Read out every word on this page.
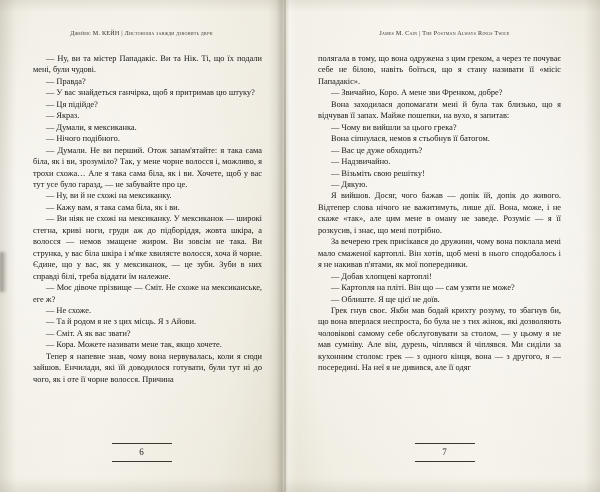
Джеймс М. КЕЙН | Листоноша завжди дзвонить двічі

— Ну, ви та містер Пападакіс. Ви та Нік. Ті, що їх подали мені, були чудові.

— Правда?

— У вас знайдеться ганчірка, щоб я притримав цю штуку?

— Ця підійде?

— Якраз.

— Думали, я мексиканка.

— Нічого подібного.

— Думали. Не ви перший. Отож запам'ятайте: я така сама біла, як і ви, зрозуміло? Так, у мене чорне волосся і, можливо, я трохи схожа… Але я така сама біла, як і ви. Хочете, щоб у вас тут усе було гаразд, — не забувайте про це.

— Ну, ви й не схожі на мексиканку.

— Кажу вам, я така сама біла, як і ви.

— Ви ніяк не схожі на мексиканку. У мексиканок — широкі стегна, криві ноги, груди аж до підборіддя, жовта шкіра, а волосся — немов змащене жиром. Ви зовсім не така. Ви струнка, у вас біла шкіра і м'яке хвилясте волосся, хоча й чорне. Єдине, що у вас, як у мексиканок, — це зуби. Зуби в них справді білі, треба віддати їм належне.

— Моє дівоче прізвище — Сміт. Не схоже на мексиканське, еге ж?

— Не схоже.

— Та й родом я не з цих місць. Я з Айови.

— Сміт. А як вас звати?

— Кора. Можете називати мене так, якщо хочете.

Тепер я напевне знав, чому вона нервувалась, коли я сюди зайшов. Енчилади, які їй доводилося готувати, були тут ні до чого, як і оте її чорне волосся. Причина

6
James M. Cain | The Postman Always Rings Twice

полягала в тому, що вона одружена з цим греком, а через те почуває себе не білою, навіть боїться, що я стану називати її «місіс Пападакіс».

— Звичайно, Коро. А мене зви Френком, добре?

Вона заходилася допомагати мені й була так близько, що я відчував її запах. Майже пошепки, на вухо, я запитав:

— Чому ви вийшли за цього грека?

Вона сіпнулася, немов я стьобнув її батогом.

— Вас це дуже обходить?

— Надзвичайно.

— Візьміть свою решітку!

— Дякую.

Я вийшов. Досяг, чого бажав — допік їй, допік до живого. Відтепер слова нічого не важитимуть, лише дії. Вона, може, і не скаже «так», але цим мене в оману не заведе. Розуміє — я її розкусив, і знає, що мені потрібно.

За вечерею грек присікався до дружини, чому вона поклала мені мало смаженої картоплі. Він хотів, щоб мені в нього сподобалось і я не накивав п'ятами, як мої попередники.

— Добав хлопцеві картоплі!

— Картопля на пліті. Він що — сам узяти не може?

— Облиште. Я ще цієї не доїв.

Грек гнув своє. Якби мав бодай крихту розуму, то збагнув би, що вона вперлася неспроста, бо була не з тих жінок, які дозволяють чоловікові самому себе обслуговувати за столом, — у цьому я не мав сумніву. Але він, дурень, чіплявся й чіплявся. Ми сиділи за кухонним столом: грек — з одного кінця, вона — з другого, я — посередині. На неї я не дивився, але її одяг

7
